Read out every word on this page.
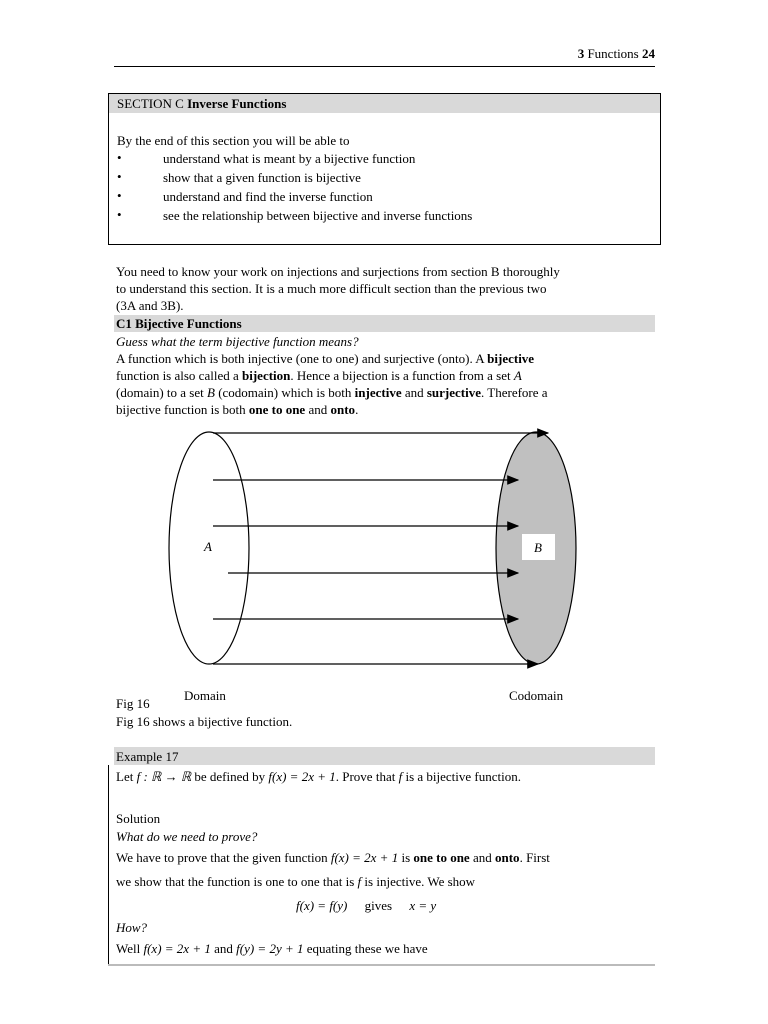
3 Functions 24
SECTION C Inverse Functions
By the end of this section you will be able to
•	understand what is meant by a bijective function
•	show that a given function is bijective
•	understand and find the inverse function
•	see the relationship between bijective and inverse functions
You need to know your work on injections and surjections from section B thoroughly
to understand this section. It is a much more difficult section than the previous two
(3A and 3B).
C1 Bijective Functions
Guess what the term bijective function means?
A function which is both injective (one to one) and surjective (onto). A bijective
function is also called a bijection. Hence a bijection is a function from a set A
(domain) to a set B (codomain) which is both injective and surjective. Therefore a
bijective function is both one to one and onto.
A	B
Domain	Codomain
Fig 16
Fig 16 shows a bijective function.
Example 17
Let f : ℝ → ℝ be defined by f(x) = 2x + 1. Prove that f is a bijective function.
Solution
What do we need to prove?
We have to prove that the given function f(x) = 2x + 1 is one to one and onto. First
we show that the function is one to one that is f is injective. We show
f(x) = f(y) gives x = y
How?
Well f(x) = 2x + 1 and f(y) = 2y + 1 equating these we have
